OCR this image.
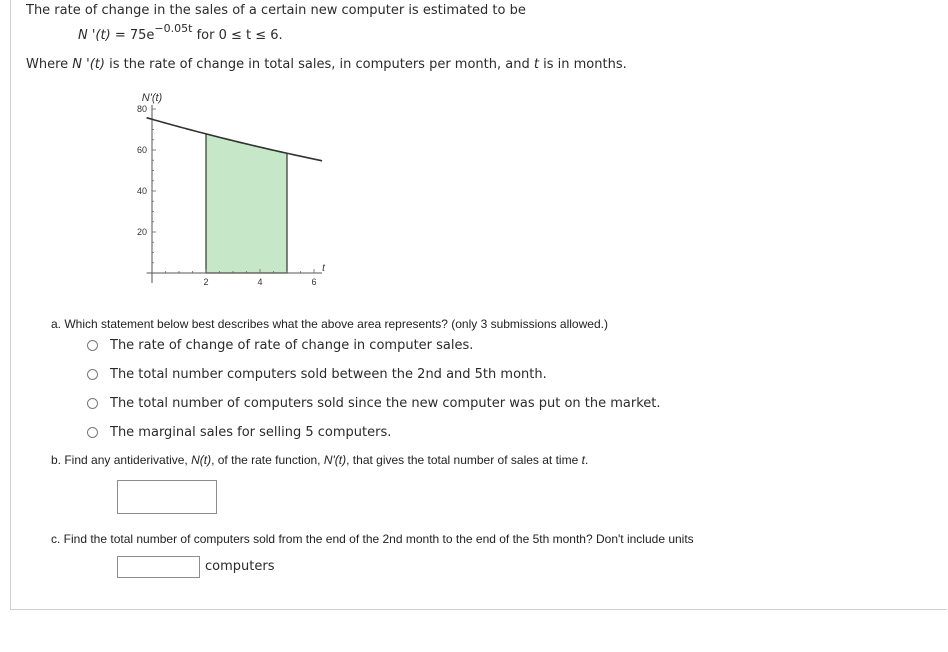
The rate of change in the sales of a certain new computer is estimated to be
N '$(t) = 75e^{-0.05t}$ for 0 ≤ t ≤ 6.
Where N '(t) is the rate of change in total sales, in computers per month, and t is in months.
80
60
40
20
2	4	6
N'(t)
t
a. Which statement below best describes what the above area represents? (only 3 submissions allowed.)
The rate of change of rate of change in computer sales.
The total number computers sold between the 2nd and 5th month.
The total number of computers sold since the new computer was put on the market.
The marginal sales for selling 5 computers.
b. Find any antiderivative, N(t), of the rate function, N'(t), that gives the total number of sales at time t.
c. Find the total number of computers sold from the end of the 2nd month to the end of the 5th month? Don't include units
computers
